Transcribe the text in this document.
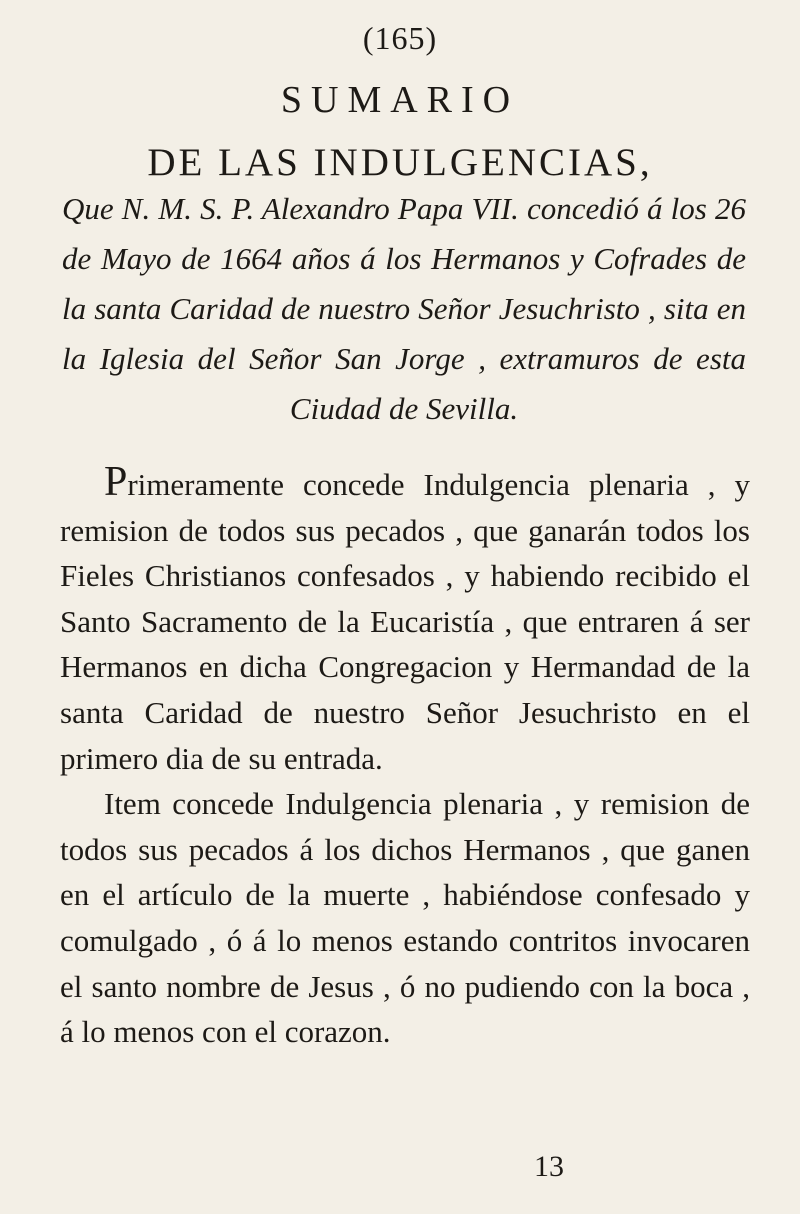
(165)
SUMARIO
DE LAS INDULGENCIAS,
Que N. M. S. P. Alexandro Papa VII. concedió á los 26 de Mayo de 1664 años á los Hermanos y Cofrades de la santa Caridad de nuestro Señor Jesuchristo , sita en la Iglesia del Señor San Jorge , extramuros de esta Ciudad de Sevilla.

Primeramente concede Indulgencia plenaria , y remision de todos sus pecados , que ganarán todos los Fieles Christianos confesados , y habiendo recibido el Santo Sacramento de la Eucaristía , que entraren á ser Hermanos en dicha Congregacion y Hermandad de la santa Caridad de nuestro Señor Jesuchristo en el primero dia de su entrada.

Item concede Indulgencia plenaria , y remision de todos sus pecados á los dichos Hermanos , que ganen en el artículo de la muerte , habiéndose confesado y comulgado , ó á lo menos estando contritos invocaren el santo nombre de Jesus , ó no pudiendo con la boca , á lo menos con el corazon.

13
